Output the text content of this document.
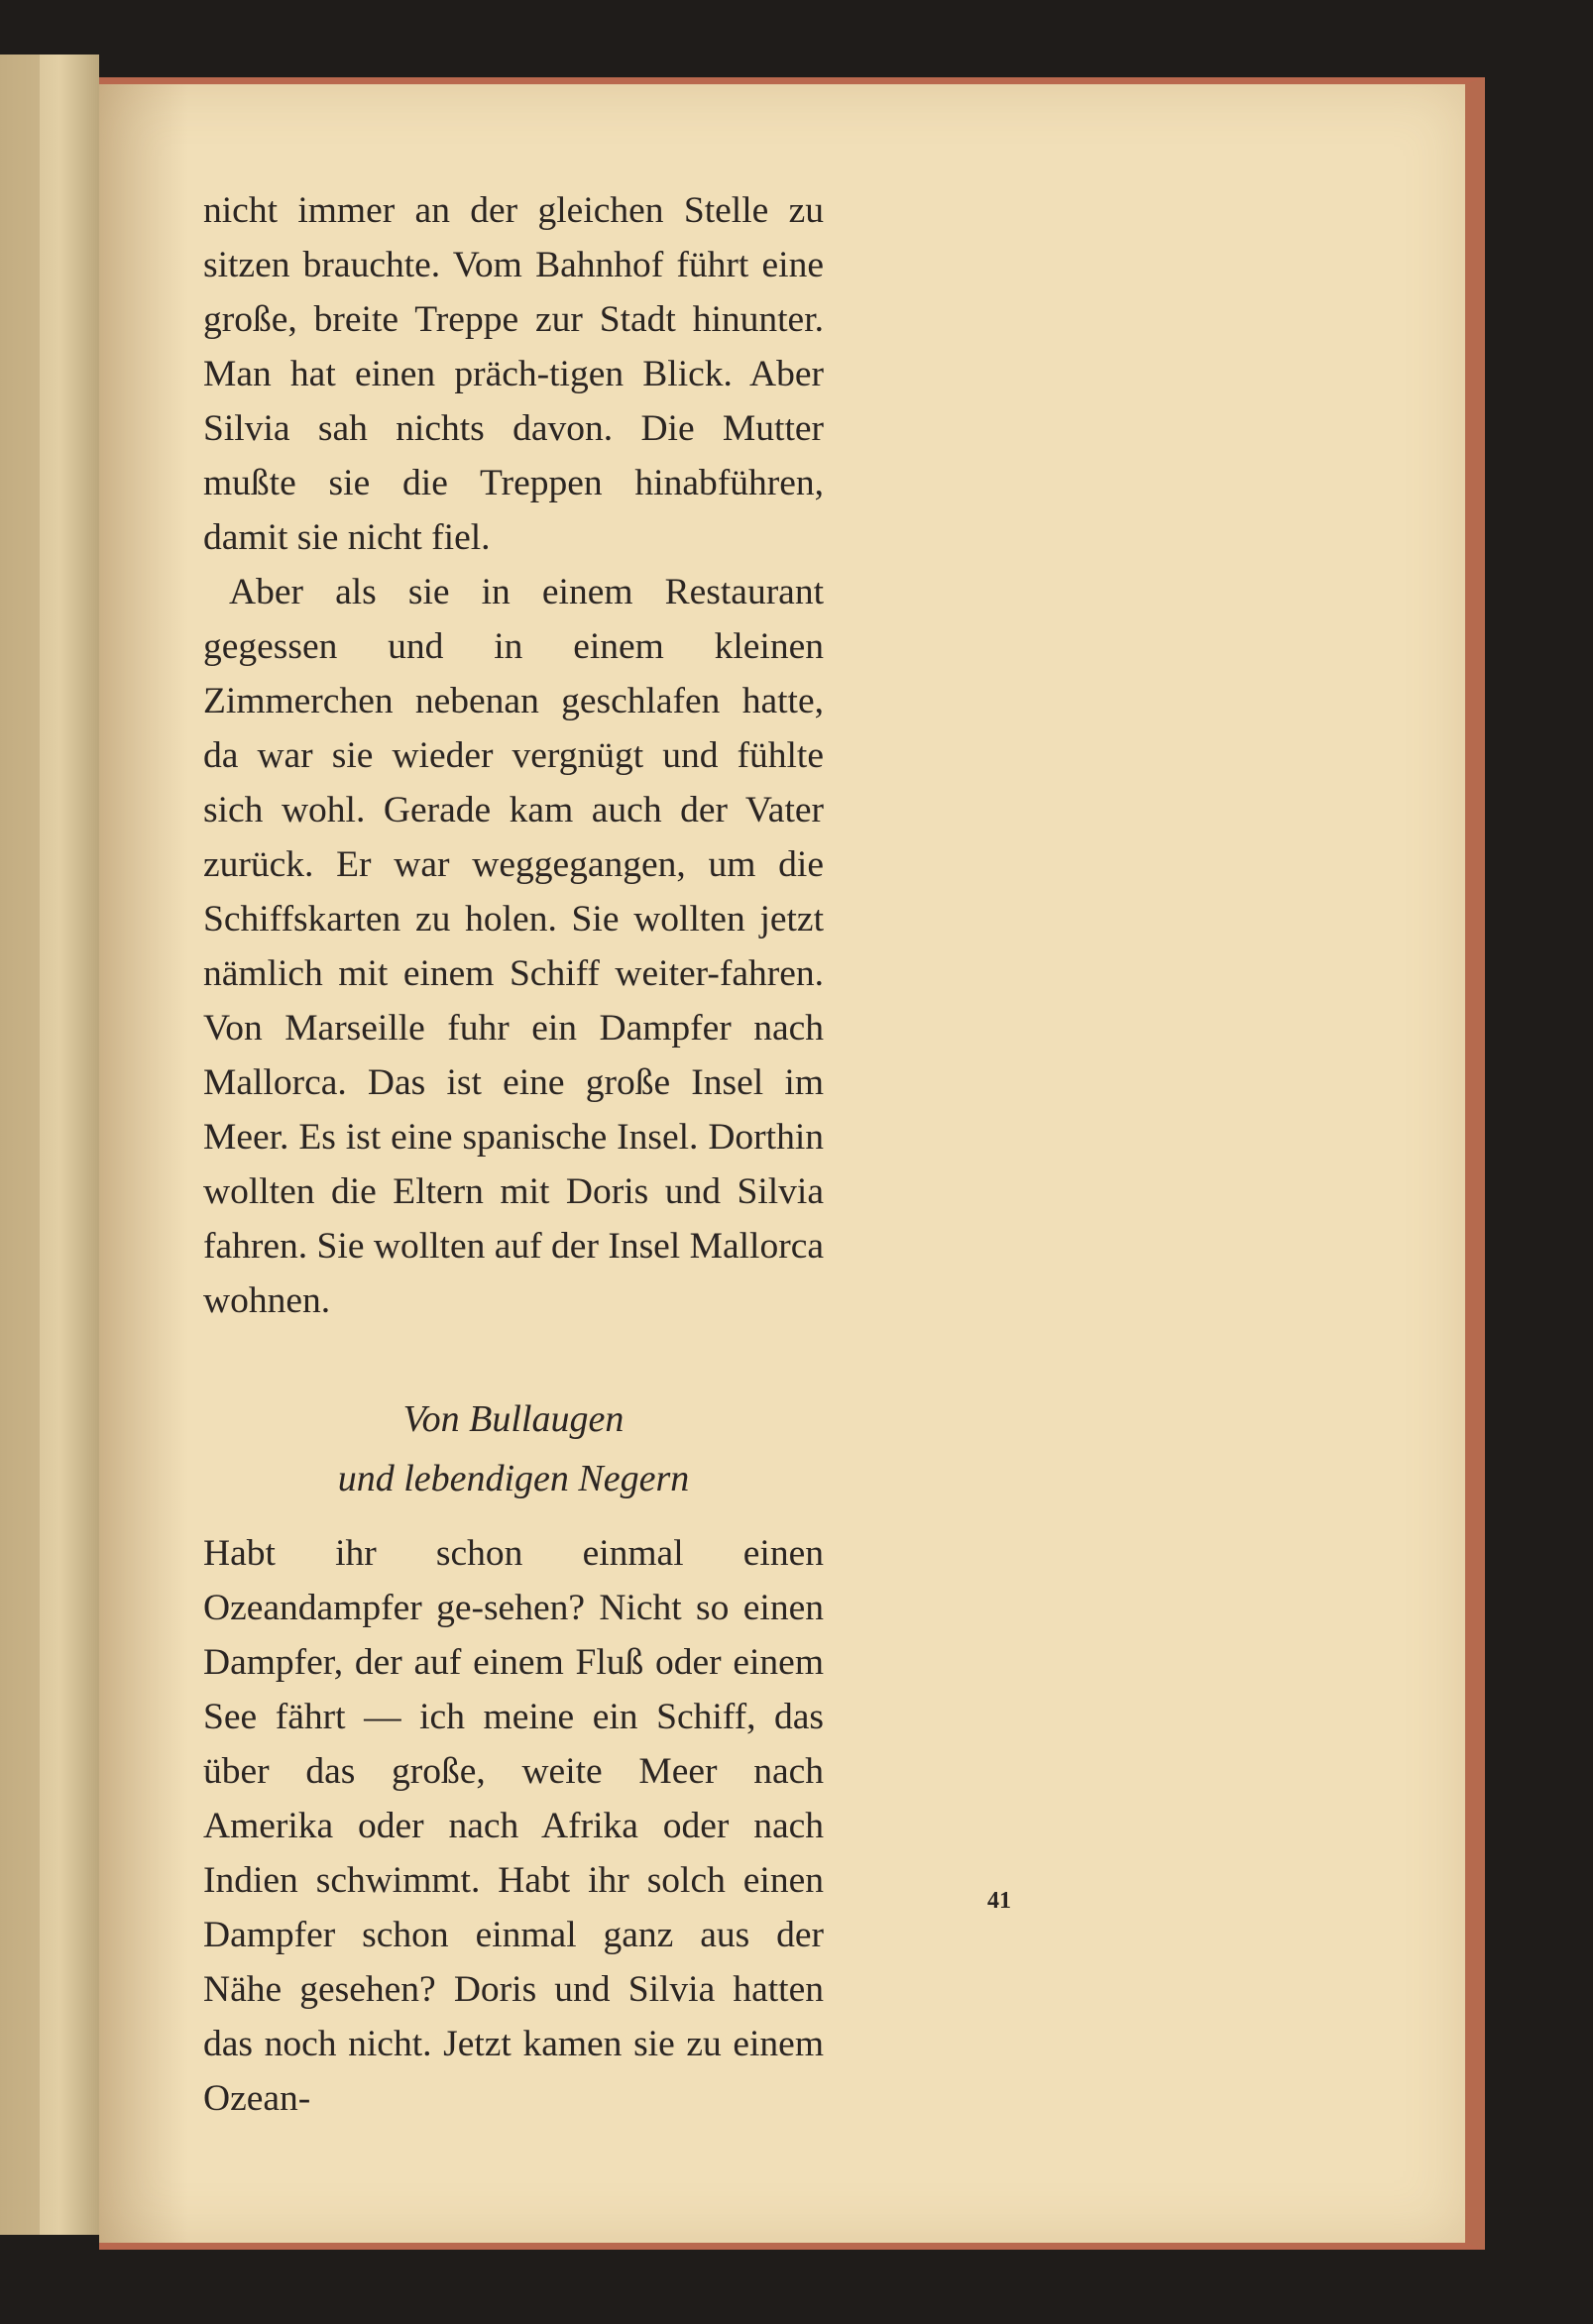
nicht immer an der gleichen Stelle zu sitzen brauchte. Vom Bahnhof führt eine große, breite Treppe zur Stadt hinunter. Man hat einen präch-tigen Blick. Aber Silvia sah nichts davon. Die Mutter mußte sie die Treppen hinabführen, damit sie nicht fiel.

Aber als sie in einem Restaurant gegessen und in einem kleinen Zimmerchen nebenan geschlafen hatte, da war sie wieder vergnügt und fühlte sich wohl. Gerade kam auch der Vater zurück. Er war weggegangen, um die Schiffskarten zu holen. Sie wollten jetzt nämlich mit einem Schiff weiter-fahren. Von Marseille fuhr ein Dampfer nach Mallorca. Das ist eine große Insel im Meer. Es ist eine spanische Insel. Dorthin wollten die Eltern mit Doris und Silvia fahren. Sie wollten auf der Insel Mallorca wohnen.

Von Bullaugen

und lebendigen Negern

Habt ihr schon einmal einen Ozeandampfer ge-sehen? Nicht so einen Dampfer, der auf einem Fluß oder einem See fährt — ich meine ein Schiff, das über das große, weite Meer nach Amerika oder nach Afrika oder nach Indien schwimmt. Habt ihr solch einen Dampfer schon einmal ganz aus der Nähe gesehen? Doris und Silvia hatten das noch nicht. Jetzt kamen sie zu einem Ozean-

41
